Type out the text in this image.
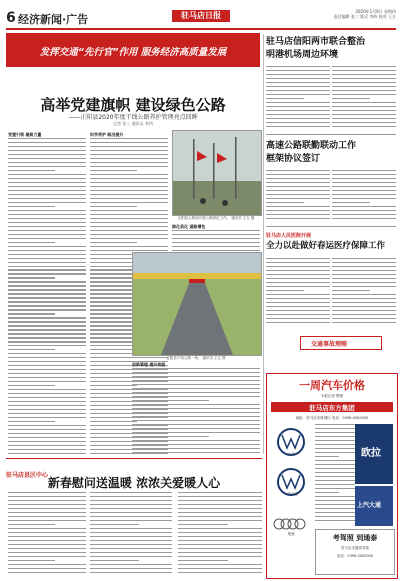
6 经济新闻·广告	驻马店日报	2020年1月9日 星期四
责任编辑 张三 版式 李四 校对 王五
发挥交通“先行官”作用 服务经济高质量发展
高举党建旗帜 建设绿色公路
——正阳县2020年度干线公路养护管理亮点回眸
记者 张三 通讯员 李四
党建引领 凝聚力量	科学养护 路况提升
绿化美化 道路增色
创新管理 提升效能
正阳县公路局开展公路绿化工作。 通讯员 王五 摄
正阳县干线公路一角。 通讯员 王五 摄
驻马店信阳两市联合整治
明港机场周边环境
高速公路联勤联动工作
框架协议签订
驻马店人民医院开展
全力以赴做好春运医疗保障工作
交通事故理赔
一周汽车价格
本报记者 整理
驻马店东方集团
地址：驻马店市驿城区 电话：0396-0000000
大众
一汽大众
奥迪
欧拉
上汽大通
考驾照 到通泰
驻马店市通泰驾校
电话：0396-0000000
驻马店县区中心
新春慰问送温暖 浓浓关爱暖人心
